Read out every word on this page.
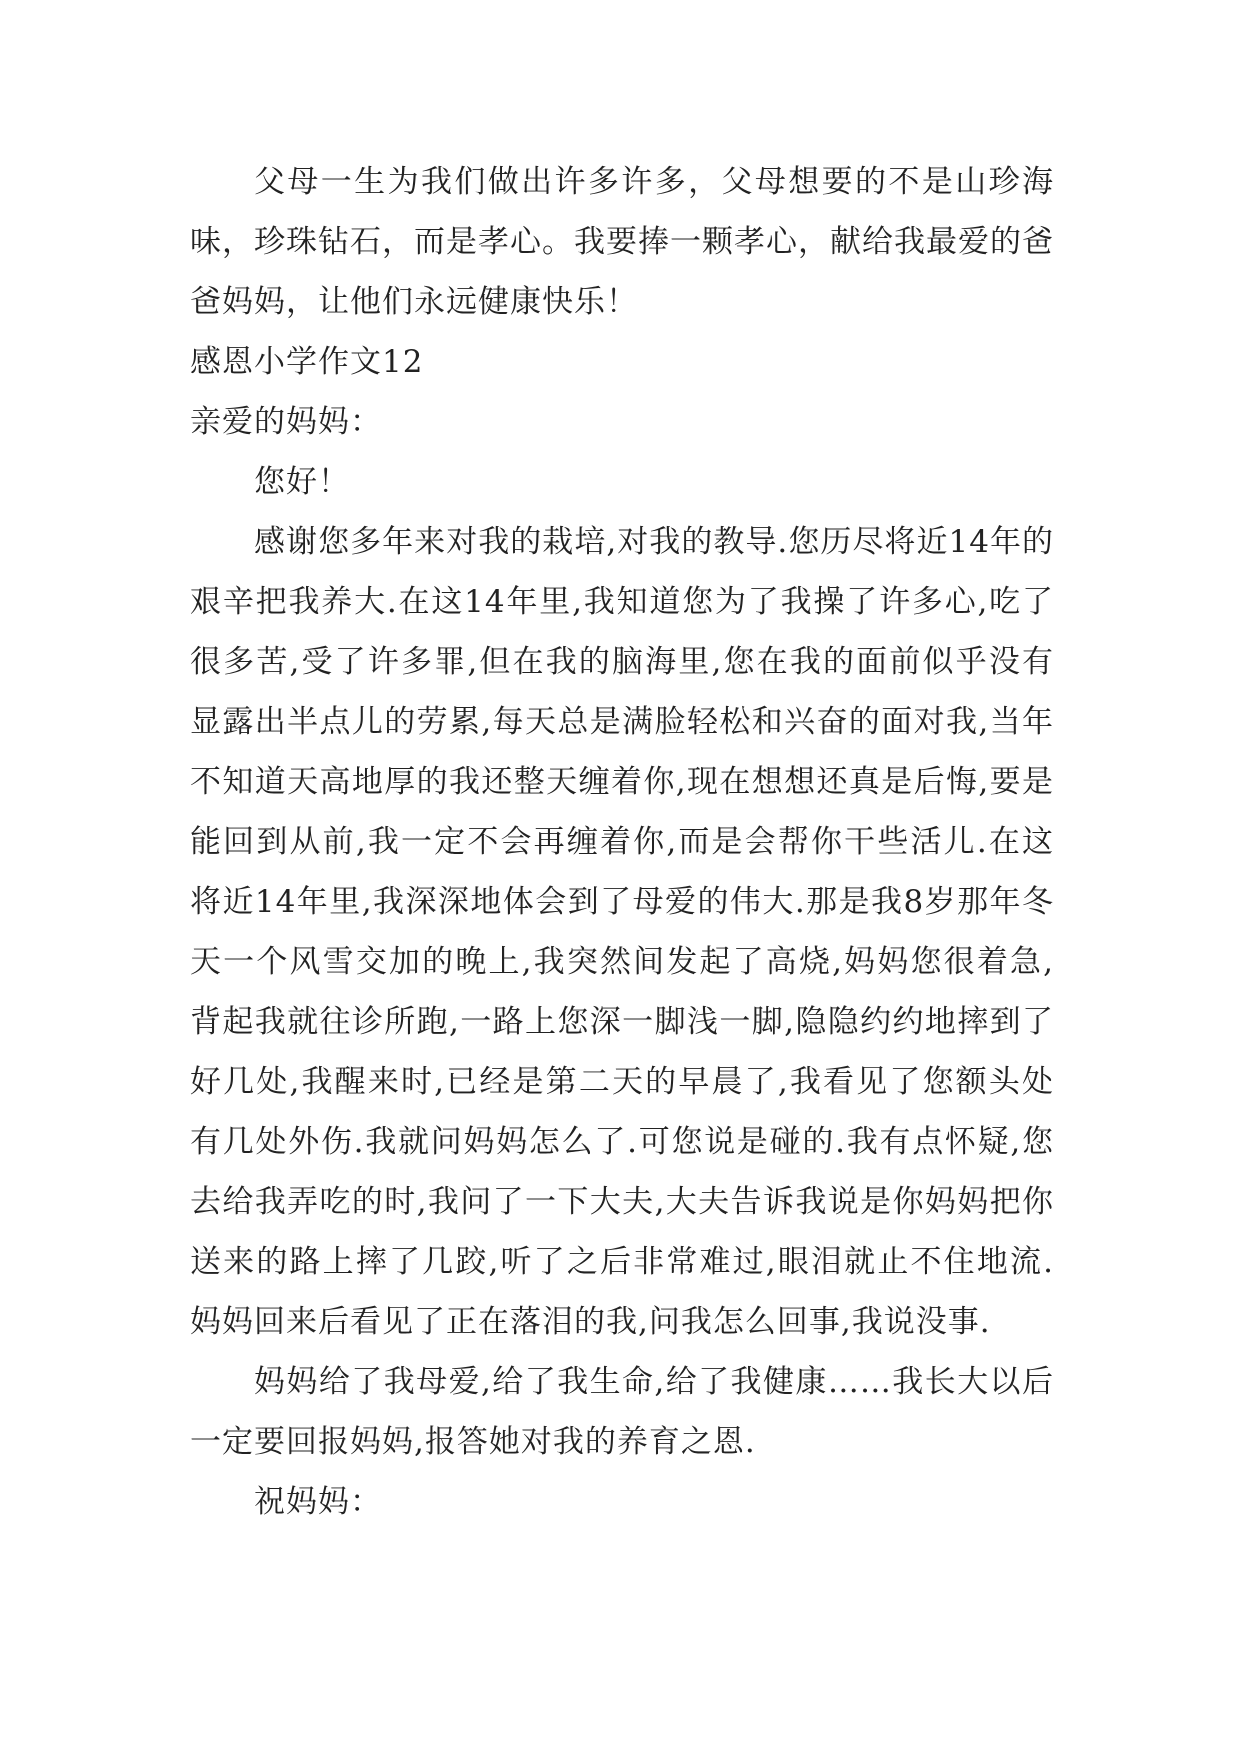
父母一生为我们做出许多许多，父母想要的不是山珍海味，珍珠钻石，而是孝心。我要捧一颗孝心，献给我最爱的爸爸妈妈，让他们永远健康快乐！

感恩小学作文12

亲爱的妈妈：

您好！

感谢您多年来对我的栽培,对我的教导.您历尽将近14年的艰辛把我养大.在这14年里,我知道您为了我操了许多心,吃了很多苦,受了许多罪,但在我的脑海里,您在我的面前似乎没有显露出半点儿的劳累,每天总是满脸轻松和兴奋的面对我,当年不知道天高地厚的我还整天缠着你,现在想想还真是后悔,要是能回到从前,我一定不会再缠着你,而是会帮你干些活儿.在这将近14年里,我深深地体会到了母爱的伟大.那是我8岁那年冬天一个风雪交加的晚上,我突然间发起了高烧,妈妈您很着急,背起我就往诊所跑,一路上您深一脚浅一脚,隐隐约约地摔到了好几处,我醒来时,已经是第二天的早晨了,我看见了您额头处有几处外伤.我就问妈妈怎么了.可您说是碰的.我有点怀疑,您去给我弄吃的时,我问了一下大夫,大夫告诉我说是你妈妈把你送来的路上摔了几跤,听了之后非常难过,眼泪就止不住地流.妈妈回来后看见了正在落泪的我,问我怎么回事,我说没事.

妈妈给了我母爱,给了我生命,给了我健康……我长大以后一定要回报妈妈,报答她对我的养育之恩.

祝妈妈：
